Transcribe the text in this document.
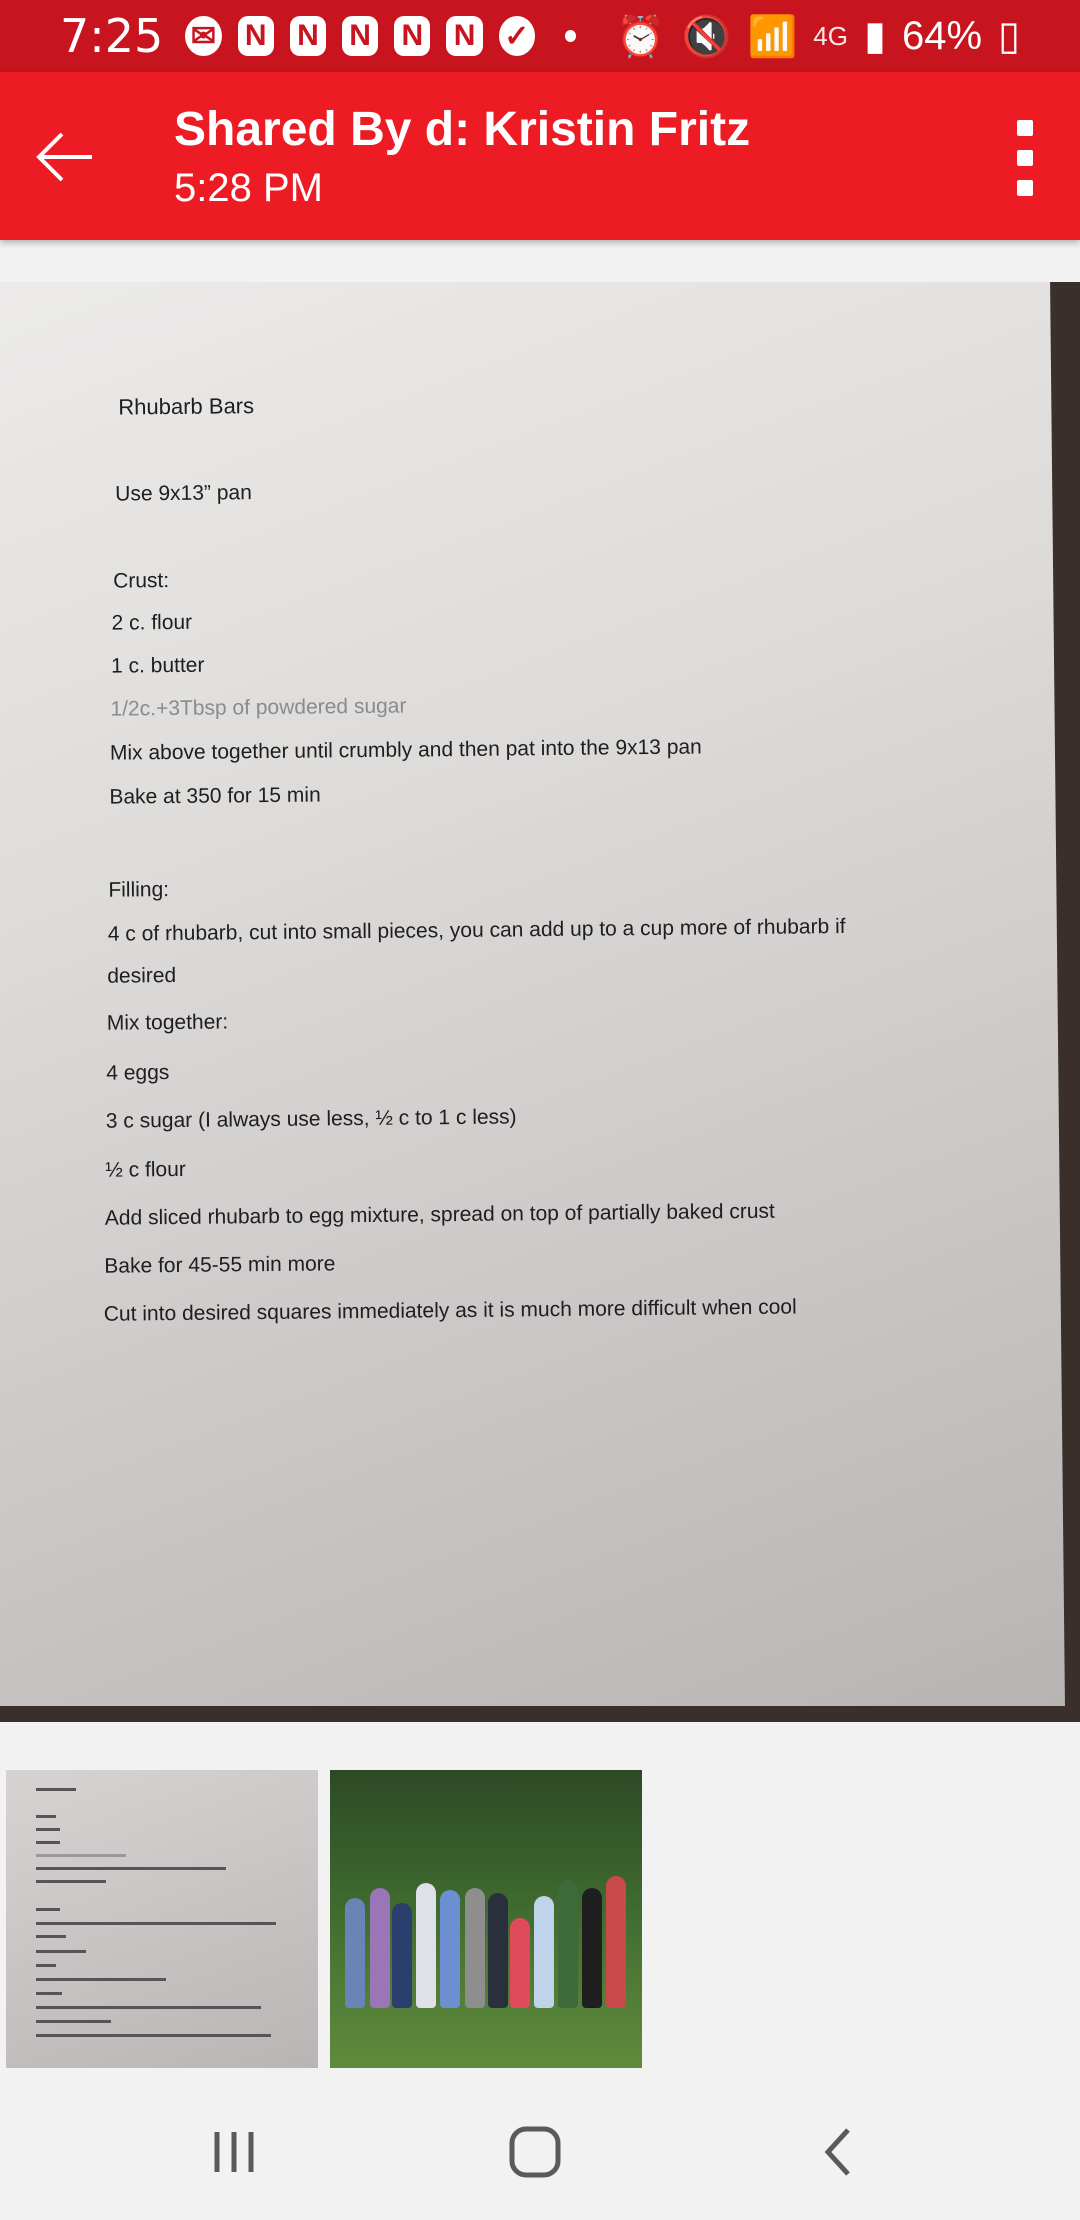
7:25 ✉ N N N N N ✓ ⏰ 🔇 📶 4G ▮ 64% ▯
Shared By d: Kristin Fritz
5:28 PM
Rhubarb Bars
Use 9x13” pan
Crust:
2 c. flour
1 c. butter
1/2c.+3Tbsp of powdered sugar
Mix above together until crumbly and then pat into the 9x13 pan
Bake at 350 for 15 min
Filling:
4 c of rhubarb, cut into small pieces, you can add up to a cup more of rhubarb if
desired
Mix together:
4 eggs
3 c sugar (I always use less, ½ c to 1 c less)
½ c flour
Add sliced rhubarb to egg mixture, spread on top of partially baked crust
Bake for 45-55 min more
Cut into desired squares immediately as it is much more difficult when cool
